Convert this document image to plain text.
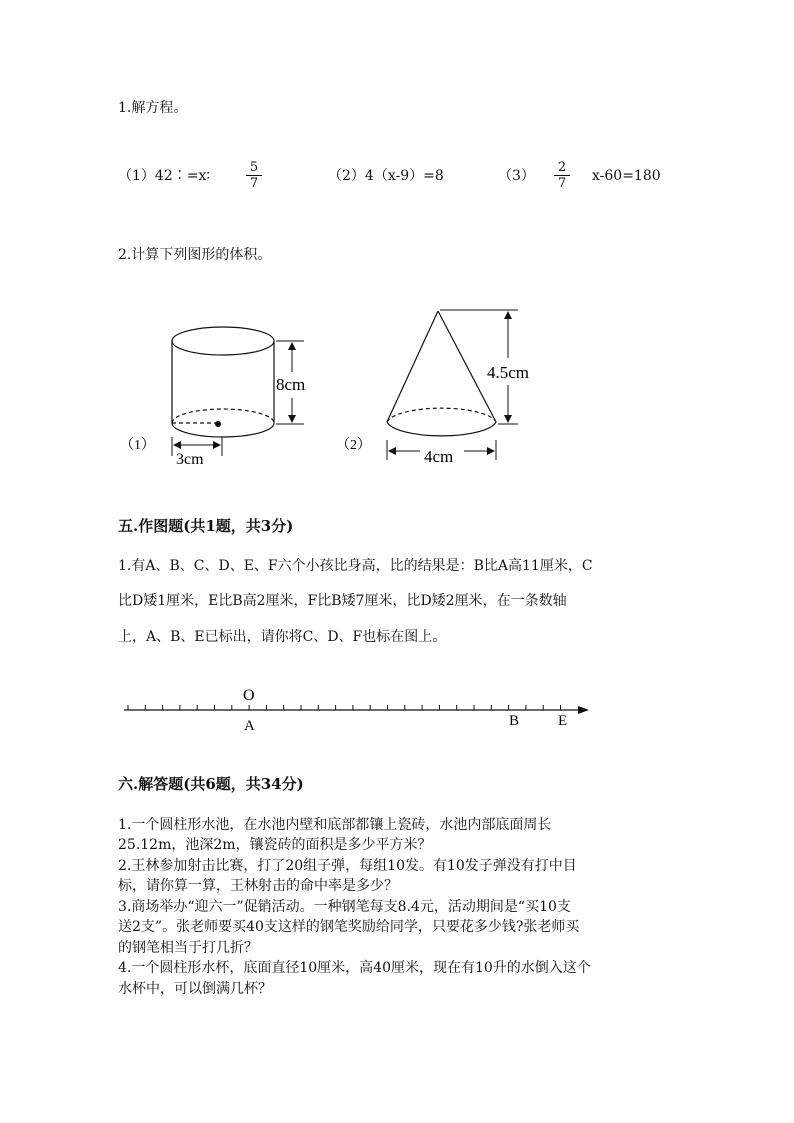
1.解方程。
（1）42∶=x∶	$\frac{5}{7}$	（2）4（x-9）=8	$(3) \frac{2}{7} x-60=180$
2.计算下列图形的体积。
（1）
8cm
3cm
（2）
4.5cm
4cm
O
A	B	E
五.作图题(共1题，共3分)
1.有A、B、C、D、E、F六个小孩比身高，比的结果是：B比A高11厘米，C
比D矮1厘米，E比B高2厘米，F比B矮7厘米，比D矮2厘米，在一条数轴
上，A、B、E已标出，请你将C、D、F也标在图上。
六.解答题(共6题，共34分)
1.一个圆柱形水池，在水池内壁和底部都镶上瓷砖，水池内部底面周长
25.12m，池深2m，镶瓷砖的面积是多少平方米？
2.王林参加射击比赛，打了20组子弹，每组10发。有10发子弹没有打中目
标，请你算一算，王林射击的命中率是多少？
3.商场举办“迎六一”促销活动。一种钢笔每支8.4元，活动期间是“买10支
送2支”。张老师要买40支这样的钢笔奖励给同学，只要花多少钱?张老师买
的钢笔相当于打几折？
4.一个圆柱形水杯，底面直径10厘米，高40厘米，现在有10升的水倒入这个
水杯中，可以倒满几杯？
